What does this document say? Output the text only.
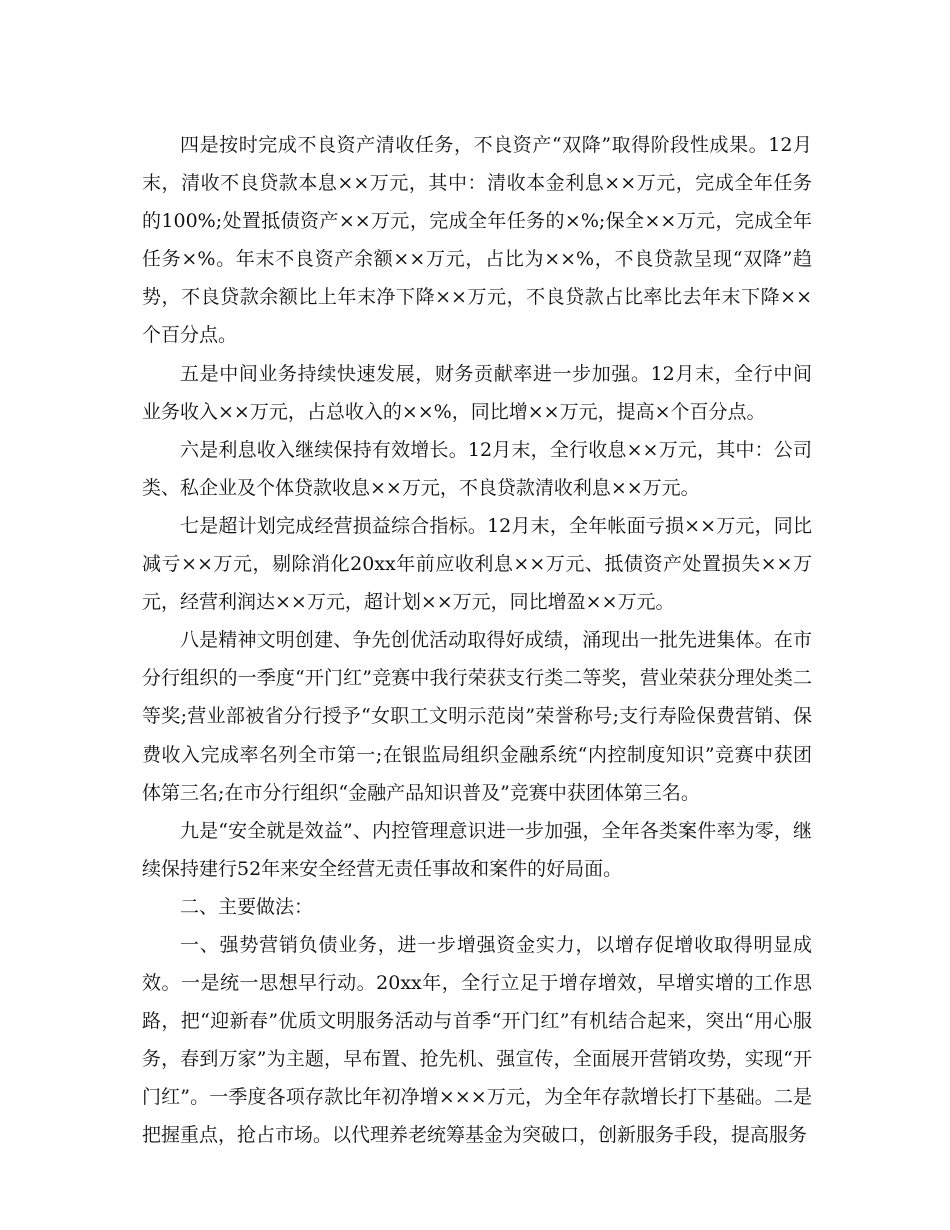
四是按时完成不良资产清收任务，不良资产“双降”取得阶段性成果。12月末，清收不良贷款本息××万元，其中：清收本金利息××万元，完成全年任务的100%;处置抵债资产××万元，完成全年任务的×%;保全××万元，完成全年任务×%。年末不良资产余额××万元，占比为××%，不良贷款呈现“双降”趋势，不良贷款余额比上年末净下降××万元，不良贷款占比率比去年末下降××个百分点。

五是中间业务持续快速发展，财务贡献率进一步加强。12月末，全行中间业务收入××万元，占总收入的××%，同比增××万元，提高×个百分点。

六是利息收入继续保持有效增长。12月末，全行收息××万元，其中：公司类、私企业及个体贷款收息××万元，不良贷款清收利息××万元。

七是超计划完成经营损益综合指标。12月末，全年帐面亏损××万元，同比减亏××万元，剔除消化20xx年前应收利息××万元、抵债资产处置损失××万元，经营利润达××万元，超计划××万元，同比增盈××万元。

八是精神文明创建、争先创优活动取得好成绩，涌现出一批先进集体。在市分行组织的一季度“开门红”竞赛中我行荣获支行类二等奖，营业荣获分理处类二等奖;营业部被省分行授予“女职工文明示范岗”荣誉称号;支行寿险保费营销、保费收入完成率名列全市第一;在银监局组织金融系统“内控制度知识”竞赛中获团体第三名;在市分行组织“金融产品知识普及”竞赛中获团体第三名。

九是“安全就是效益”、内控管理意识进一步加强，全年各类案件率为零，继续保持建行52年来安全经营无责任事故和案件的好局面。

二、主要做法：

一、强势营销负债业务，进一步增强资金实力，以增存促增收取得明显成效。一是统一思想早行动。20xx年，全行立足于增存增效，早增实增的工作思路，把“迎新春”优质文明服务活动与首季“开门红”有机结合起来，突出“用心服务，春到万家”为主题，早布置、抢先机、强宣传，全面展开营销攻势，实现“开门红”。一季度各项存款比年初净增×××万元，为全年存款增长打下基础。二是把握重点，抢占市场。以代理养老统筹基金为突破口，创新服务手段，提高服务
